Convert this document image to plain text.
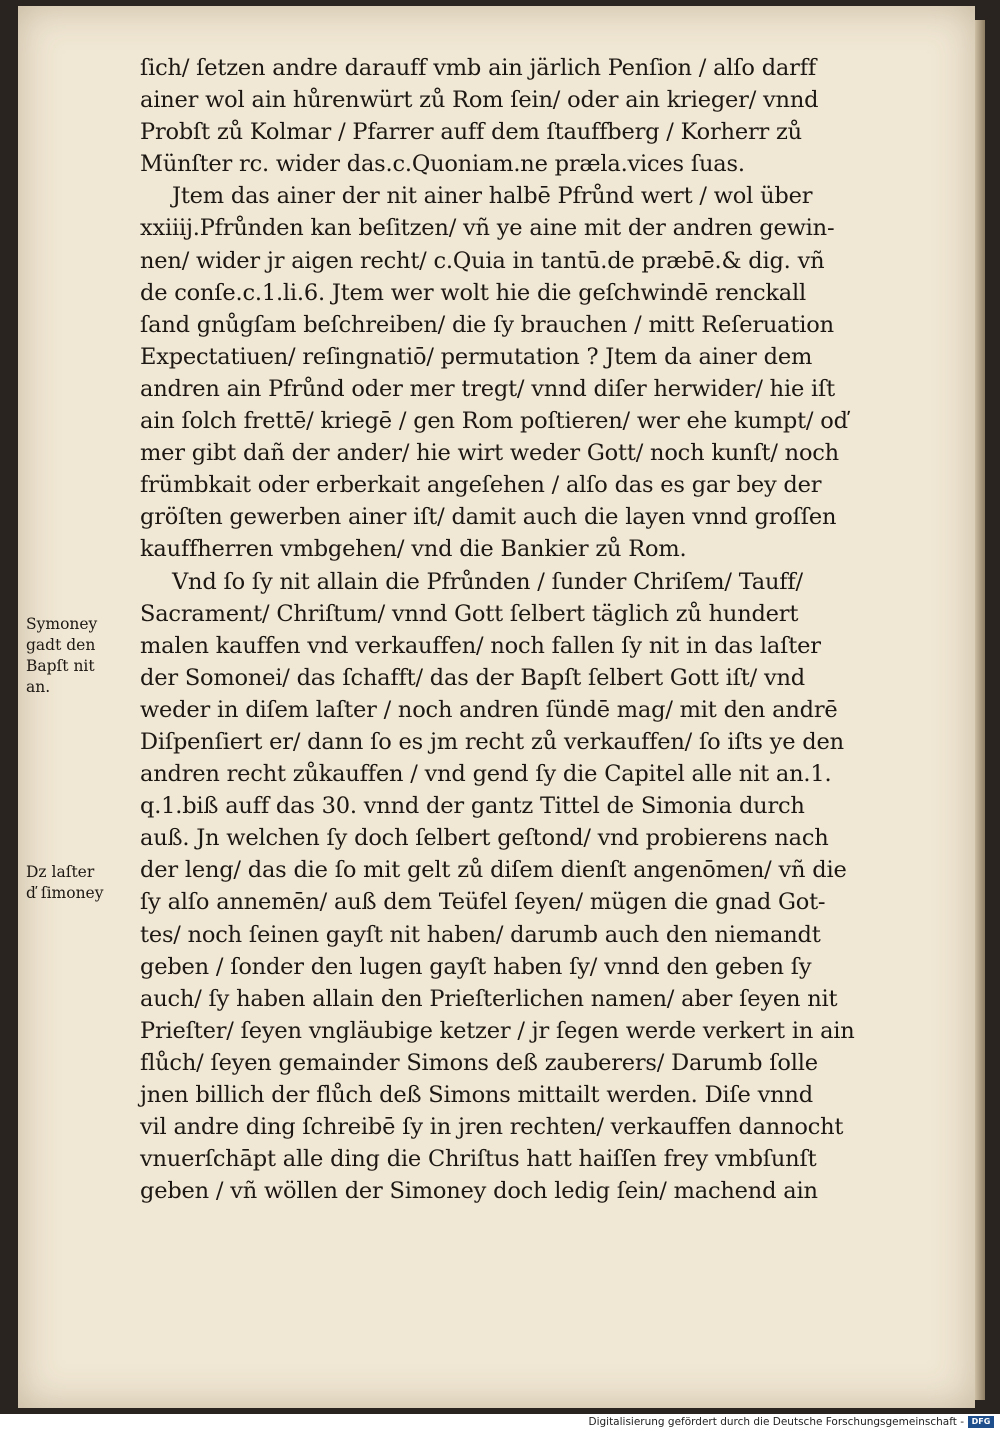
ſich/ ſetzen andre darauff vmb ain järlich Penſion / alſo darff
ainer wol ain hůrenwürt zů Rom ſein/ oder ain krieger/ vnnd
Probſt zů Kolmar / Pfarrer auff dem ſtauffberg / Korherr zů
Münſter rc. wider das.c.Quoniam.ne præla.vices ſuas.
Jtem das ainer der nit ainer halbē Pfrůnd wert / wol über
xxiiij.Pfrůnden kan beſitzen/ vñ ye aine mit der andren gewin-
nen/ wider jr aigen recht/ c.Quia in tantū.de præbē.& dig. vñ
de conſe.c.1.li.6. Jtem wer wolt hie die geſchwindē renckall
ſand gnůgſam beſchreiben/ die ſy brauchen / mitt Reſeruation
Expectatiuen/ reſingnatiō/ permutation ? Jtem da ainer dem
andren ain Pfrůnd oder mer tregt/ vnnd diſer herwider/ hie iſt
ain ſolch frettē/ kriegē / gen Rom poſtieren/ wer ehe kumpt/ oď
mer gibt dañ der ander/ hie wirt weder Gott/ noch kunſt/ noch
frümbkait oder erberkait angeſehen / alſo das es gar bey der
gröſten gewerben ainer iſt/ damit auch die layen vnnd groſſen
kauffherren vmbgehen/ vnd die Bankier zů Rom.
Vnd ſo ſy nit allain die Pfrůnden / ſunder Chriſem/ Tauff/
Sacrament/ Chriſtum/ vnnd Gott ſelbert täglich zů hundert
malen kauffen vnd verkauffen/ noch fallen ſy nit in das laſter
der Somonei/ das ſchafft/ das der Bapſt ſelbert Gott iſt/ vnd
weder in diſem laſter / noch andren ſündē mag/ mit den andrē
Diſpenſiert er/ dann ſo es jm recht zů verkauffen/ ſo iſts ye den
andren recht zůkauffen / vnd gend ſy die Capitel alle nit an.1.
q.1.biß auff das 30. vnnd der gantz Tittel de Simonia durch
auß. Jn welchen ſy doch ſelbert geſtond/ vnd probierens nach
der leng/ das die ſo mit gelt zů diſem dienſt angenōmen/ vñ die
ſy alſo annemēn/ auß dem Teüfel ſeyen/ mügen die gnad Got-
tes/ noch ſeinen gayſt nit haben/ darumb auch den niemandt
geben / ſonder den lugen gayſt haben ſy/ vnnd den geben ſy
auch/ ſy haben allain den Prieſterlichen namen/ aber ſeyen nit
Prieſter/ ſeyen vngläubige ketzer / jr ſegen werde verkert in ain
flůch/ ſeyen gemainder Simons deß zauberers/ Darumb ſolle
jnen billich der flůch deß Simons mittailt werden. Diſe vnnd
vil andre ding ſchreibē ſy in jren rechten/ verkauffen dannocht
vnuerſchāpt alle ding die Chriſtus hatt haiſſen frey vmbſunſt
geben / vñ wöllen der Simoney doch ledig ſein/ machend ain
Symoney
gadt den
Bapſt nit
an.
Dz laſter
ď ſimoney
Digitalisierung gefördert durch die Deutsche Forschungsgemeinschaft - DFG
